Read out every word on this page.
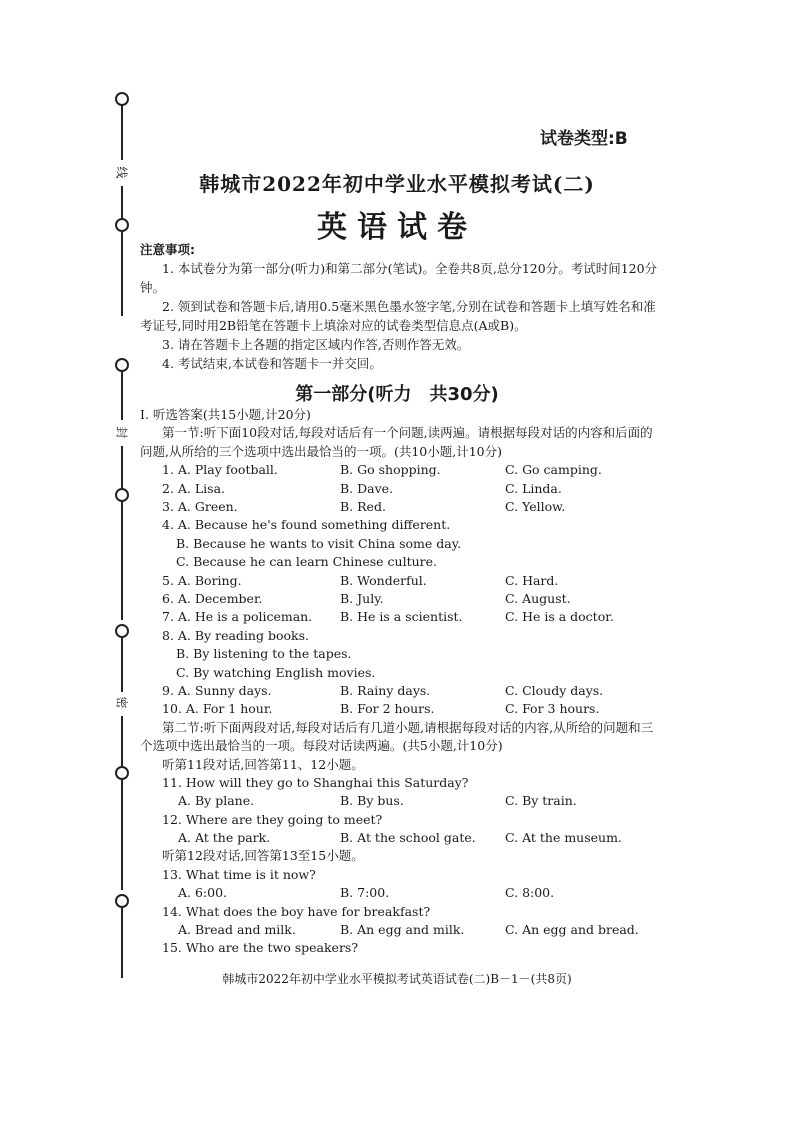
线
封
密
试卷类型:B
韩城市2022年初中学业水平模拟考试(二)
英语试卷
注意事项:

1. 本试卷分为第一部分(听力)和第二部分(笔试)。全卷共8页,总分120分。考试时间120分钟。

2. 领到试卷和答题卡后,请用0.5毫米黑色墨水签字笔,分别在试卷和答题卡上填写姓名和准考证号,同时用2B铅笔在答题卡上填涂对应的试卷类型信息点(A或B)。

3. 请在答题卡上各题的指定区域内作答,否则作答无效。

4. 考试结束,本试卷和答题卡一并交回。

第一部分(听力　共30分)

Ⅰ. 听选答案(共15小题,计20分)

第一节:听下面10段对话,每段对话后有一个问题,读两遍。请根据每段对话的内容和后面的问题,从所给的三个选项中选出最恰当的一项。(共10小题,计10分)

1. A. Play football.	B. Go shopping.	C. Go camping.
2. A. Lisa.	B. Dave.	C. Linda.
3. A. Green.	B. Red.	C. Yellow.
4. A. Because he's found something different.
B. Because he wants to visit China some day.
C. Because he can learn Chinese culture.
5. A. Boring.	B. Wonderful.	C. Hard.
6. A. December.	B. July.	C. August.
7. A. He is a policeman. B. He is a scientist.	C. He is a doctor.
8. A. By reading books.
B. By listening to the tapes.
C. By watching English movies.
9. A. Sunny days.	B. Rainy days.	C. Cloudy days.
10. A. For 1 hour.	B. For 2 hours.	C. For 3 hours.

第二节:听下面两段对话,每段对话后有几道小题,请根据每段对话的内容,从所给的问题和三个选项中选出最恰当的一项。每段对话读两遍。(共5小题,计10分)

听第11段对话,回答第11、12小题。
11. How will they go to Shanghai this Saturday?
A. By plane.	B. By bus.	C. By train.
12. Where are they going to meet?
A. At the park.	B. At the school gate. C. At the museum.
听第12段对话,回答第13至15小题。
13. What time is it now?
A. 6:00.	B. 7:00.	C. 8:00.
14. What does the boy have for breakfast?
A. Bread and milk.	B. An egg and milk.	C. An egg and bread.
15. Who are the two speakers?
韩城市2022年初中学业水平模拟考试英语试卷(二)B－1－(共8页)
